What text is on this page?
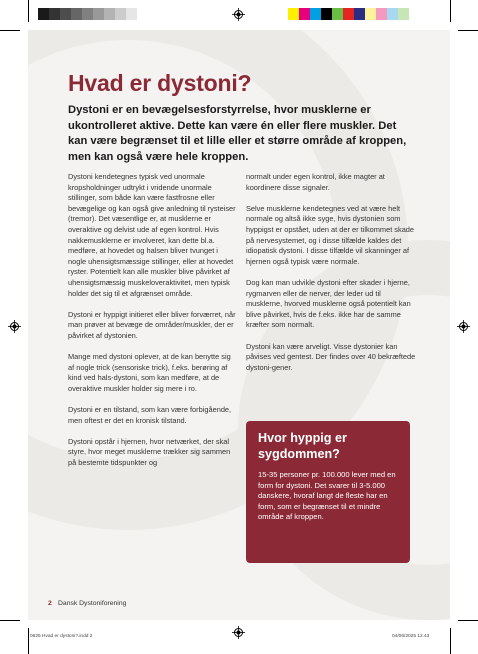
Hvad er dystoni?

Dystoni er en bevægelsesforstyrrelse, hvor musklerne er ukontrolleret aktive. Dette kan være én eller flere muskler. Det kan være begrænset til et lille eller et større område af kroppen, men kan også være hele kroppen.

Dystoni kendetegnes typisk ved unormale kropsholdninger udtrykt i vridende unormale stillinger, som både kan være fastfrosne eller bevægelige og kan også give anledning til rysteiser (tremor). Det væsentlige er, at musklerne er overaktive og delvist ude af egen kontrol. Hvis nakkemusklerne er involveret, kan dette bl.a. medføre, at hovedet og halsen bliver tvunget i nogle uhensigtsmæssige stillinger, eller at hovedet ryster. Potentielt kan alle muskler blive påvirket af uhensigtsmæssig muskeloveraktivitet, men typisk holder det sig til et afgrænset område.

Dystoni er hyppigt initieret eller bliver forværret, når man prøver at bevæge de områder/muskler, der er påvirket af dystonien.

Mange med dystoni oplever, at de kan benytte sig af nogle trick (sensoriske trick), f.eks. berøring af kind ved hals-dystoni, som kan medføre, at de overaktive muskler holder sig mere i ro.

Dystoni er en tilstand, som kan være forbigående, men oftest er det en kronisk tilstand.

Dystoni opstår i hjernen, hvor netværket, der skal styre, hvor meget musklerne trækker sig sammen på bestemte tidspunkter og

normalt under egen kontrol, ikke magter at koordinere disse signaler.

Selve musklerne kendetegnes ved at være helt normale og altså ikke syge, hvis dystonien som hyppigst er opstået, uden at der er tilkommet skade på nervesystemet, og i disse tilfælde kaldes det idiopatisk dystoni. I disse tilfælde vil skanninger af hjernen også typisk være normale.

Dog kan man udvikle dystoni efter skader i hjerne, rygmarven eller de nerver, der leder ud til musklerne, hvorved musklerne også potentielt kan blive påvirket, hvis de f.eks. ikke har de samme kræfter som normalt.

Dystoni kan være arveligt. Visse dystonier kan påvises ved gentest. Der findes over 40 bekræftede dystoni-gener.

Hvor hyppig er sygdommen?
15-35 personer pr. 100.000 lever med en form for dystoni. Det svarer til 3-5.000 danskere, hvoraf langt de fleste har en form, som er begrænset til et mindre område af kroppen.
2 Dansk Dystoniforening
0625 Hvad er dystoni?.indd 2	04/06/2025 12.43
